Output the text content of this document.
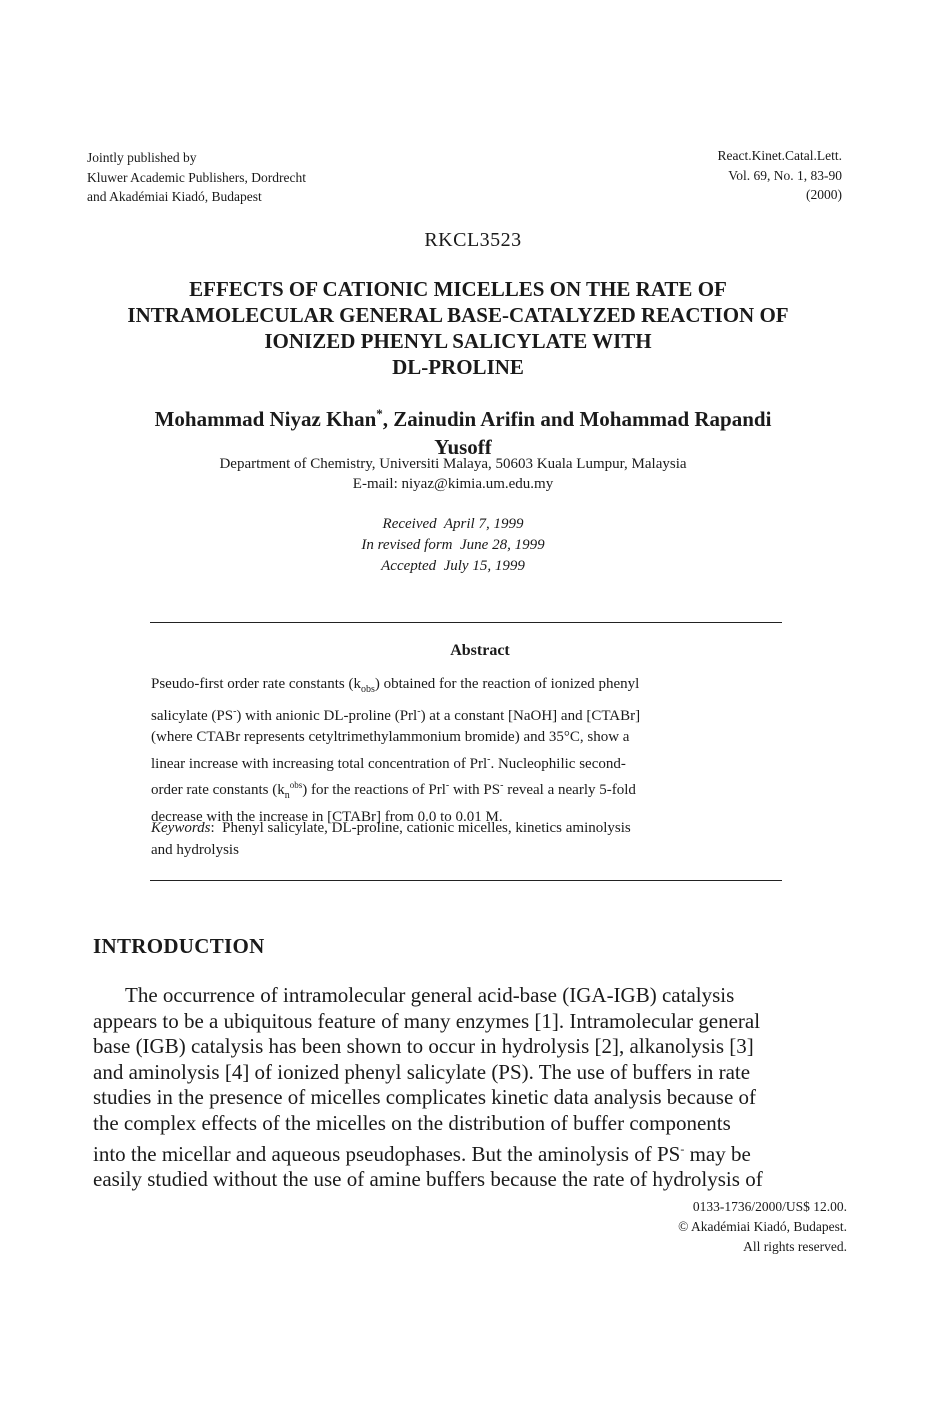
Jointly published by
Kluwer Academic Publishers, Dordrecht
and Akadémiai Kiadó, Budapest
React.Kinet.Catal.Lett.
Vol. 69, No. 1, 83-90
(2000)
RKCL3523
EFFECTS OF CATIONIC MICELLES ON THE RATE OF
INTRAMOLECULAR GENERAL BASE-CATALYZED REACTION OF
IONIZED PHENYL SALICYLATE WITH
DL-PROLINE
Mohammad Niyaz Khan*, Zainudin Arifin and Mohammad Rapandi
Yusoff
Department of Chemistry, Universiti Malaya, 50603 Kuala Lumpur, Malaysia
E-mail: niyaz@kimia.um.edu.my
Received  April 7, 1999
In revised form  June 28, 1999
Accepted  July 15, 1999
Abstract
Pseudo-first order rate constants $(k_{obs})$ obtained for the reaction of ionized phenyl
salicylate (PS-) with anionic DL-proline (Prl-) at a constant [NaOH] and [CTABr]
(where CTABr represents cetyltrimethylammonium bromide) and 35°C, show a
linear increase with increasing total concentration of Prl-. Nucleophilic second-
order rate constants $(k_n^{obs})$ for the reactions of Prl- with PS- reveal a nearly 5-fold
decrease with the increase in [CTABr] from 0.0 to 0.01 M.
Keywords:  Phenyl salicylate, DL-proline, cationic micelles, kinetics aminolysis
and hydrolysis
INTRODUCTION
The occurrence of intramolecular general acid-base (IGA-IGB) catalysis
appears to be a ubiquitous feature of many enzymes [1]. Intramolecular general
base (IGB) catalysis has been shown to occur in hydrolysis [2], alkanolysis [3]
and aminolysis [4] of ionized phenyl salicylate (PS). The use of buffers in rate
studies in the presence of micelles complicates kinetic data analysis because of
the complex effects of the micelles on the distribution of buffer components
into the micellar and aqueous pseudophases. But the aminolysis of PS- may be
easily studied without the use of amine buffers because the rate of hydrolysis of
0133-1736/2000/US$ 12.00.
© Akadémiai Kiadó, Budapest.
All rights reserved.
